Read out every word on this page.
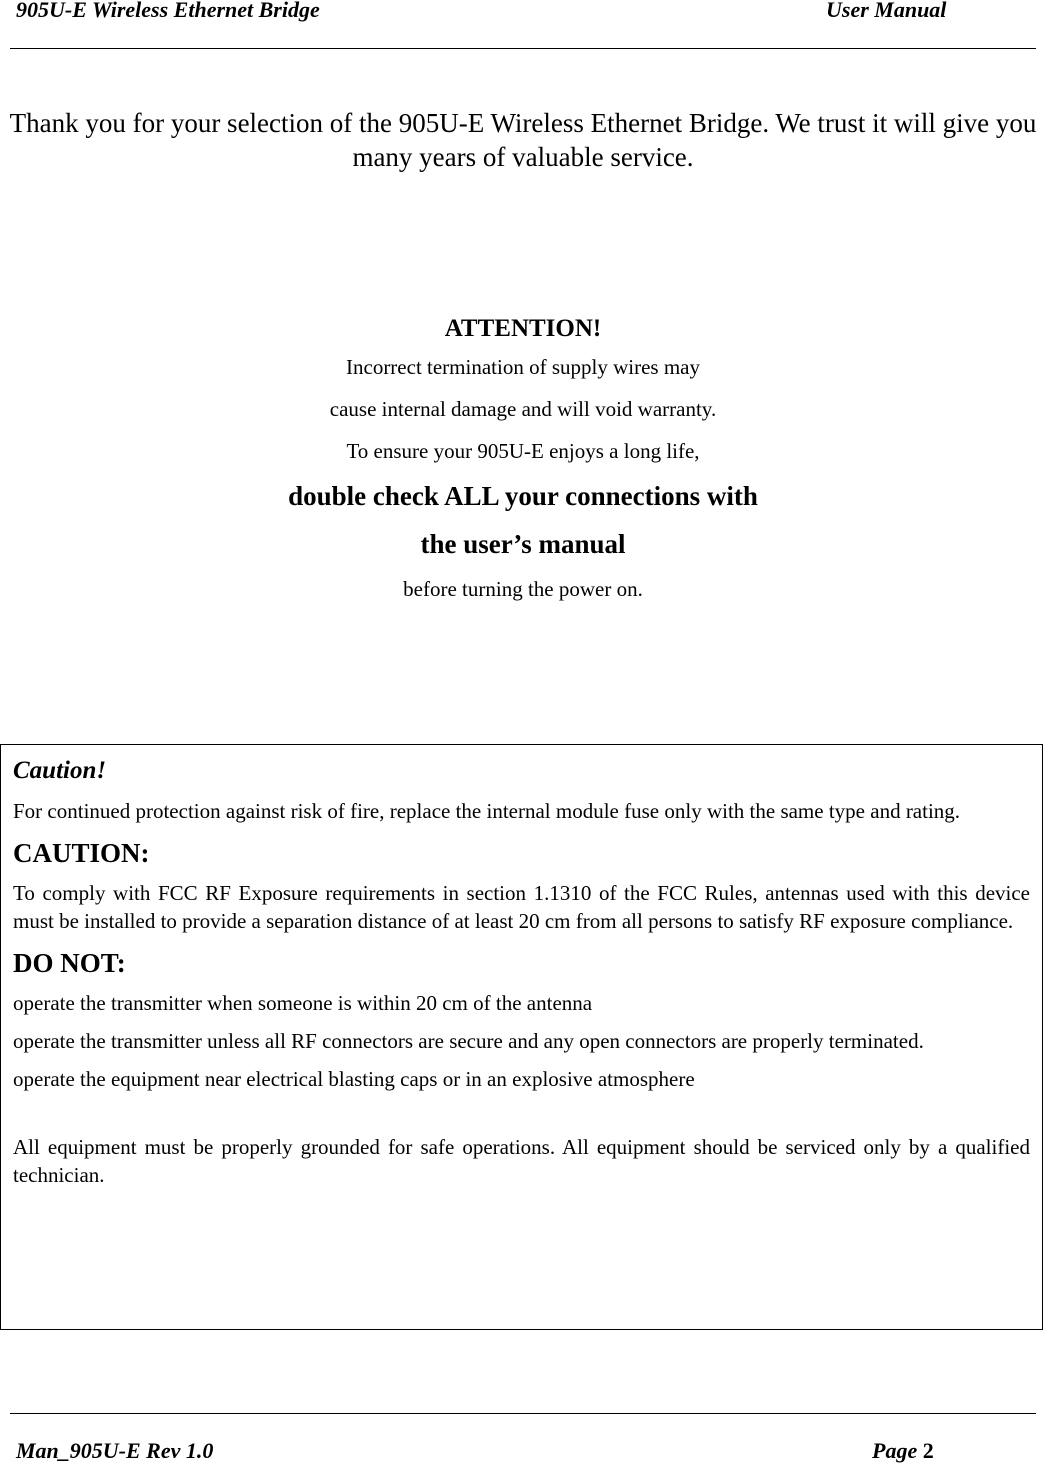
905U-E Wireless Ethernet Bridge	User Manual
Thank you for your selection of the 905U-E Wireless Ethernet Bridge. We trust it will give you many years of valuable service.
ATTENTION!
Incorrect termination of supply wires may
cause internal damage and will void warranty.
To ensure your 905U-E enjoys a long life,
double check ALL your connections with
the user’s manual
before turning the power on.
Caution!

For continued protection against risk of fire, replace the internal module fuse only with the same type and rating.

CAUTION:

To comply with FCC RF Exposure requirements in section 1.1310 of the FCC Rules, antennas used with this device must be installed to provide a separation distance of at least 20 cm from all persons to satisfy RF exposure compliance.

DO NOT:

operate the transmitter when someone is within 20 cm of the antenna

operate the transmitter unless all RF connectors are secure and any open connectors are properly terminated.

operate the equipment near electrical blasting caps or in an explosive atmosphere

All equipment must be properly grounded for safe operations. All equipment should be serviced only by a qualified technician.

Man_905U-E Rev 1.0	Page 2
